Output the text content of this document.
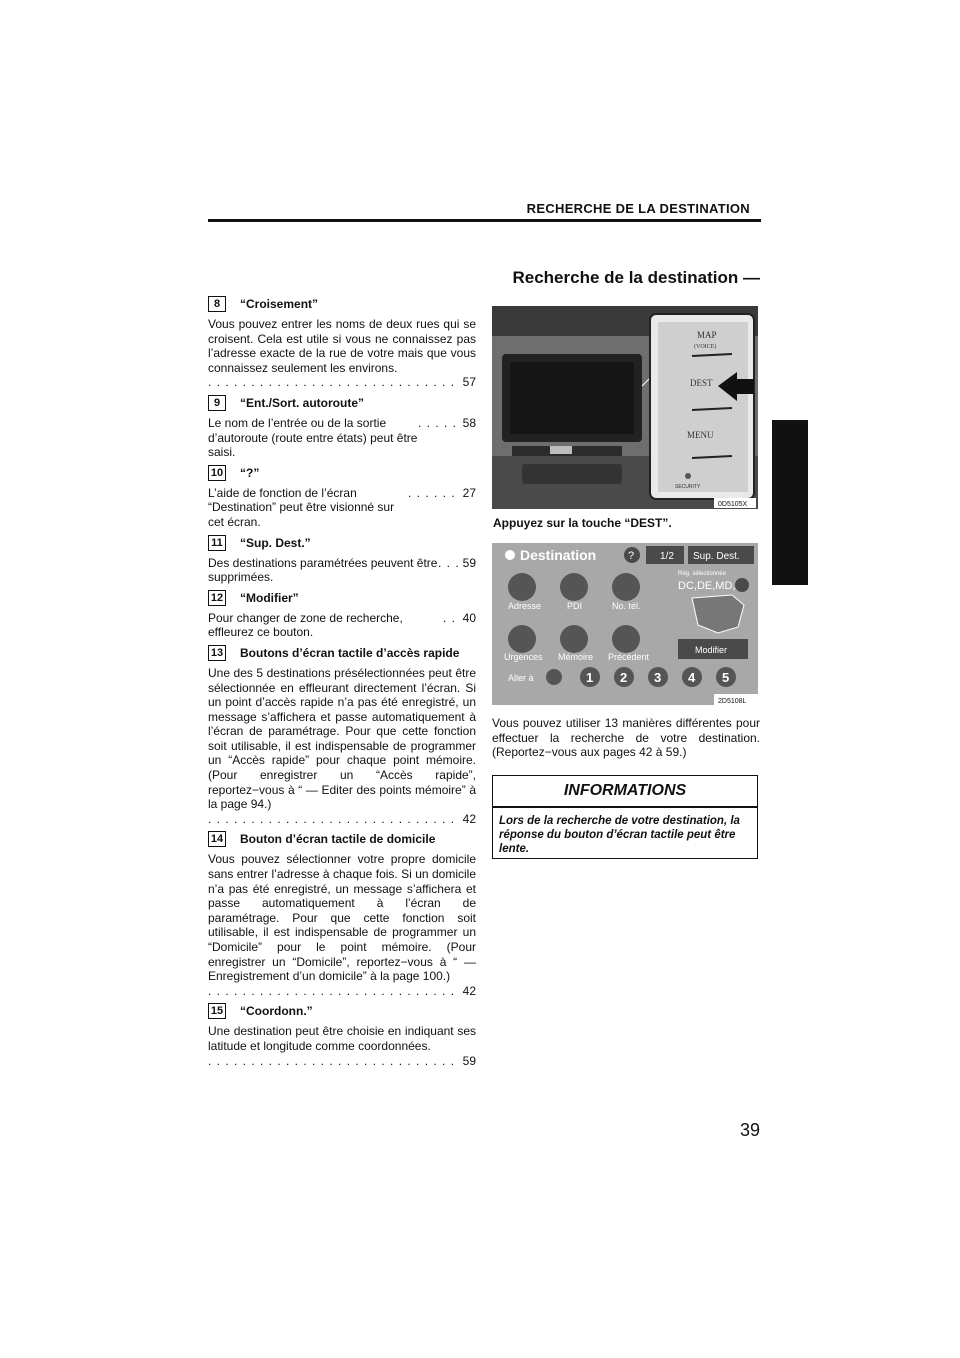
RECHERCHE DE LA DESTINATION
Recherche de la destination —
8	“Croisement”
Vous pouvez entrer les noms de deux rues qui se croisent. Cela est utile si vous ne connaissez pas l’adresse exacte de la rue de votre mais que vous connaissez seulement les environs.
. . .
57
9	“Ent./Sort. autoroute”
Le nom de l’entrée ou de la sortie d’autoroute (route entre états) peut être saisi.
. . .
58
10 “?”
L’aide de fonction de l’écran “Destination” peut être visionné sur cet écran.
. . .
27
11 “Sup. Dest.”
Des destinations paramétrées peuvent être supprimées.
. . .
59
12 “Modifier”
Pour changer de zone de recherche, effleurez ce bouton.
. . .
40
13 Boutons d’écran tactile d’accès rapide
Une des 5 destinations présélectionnées peut être sélectionnée en effleurant directement l’écran. Si un point d’accès rapide n’a pas été enregistré, un message s’affichera et passe automatiquement à l’écran de paramétrage. Pour que cette fonction soit utilisable, il est indispensable de programmer un “Accès rapide” pour chaque point mémoire. (Pour enregistrer un “Accès rapide”, reportez−vous à “ — Editer des points mémoire” à la page 94.)
. . .
42
14 Bouton d’écran tactile de domicile
Vous pouvez sélectionner votre propre domicile sans entrer l’adresse à chaque fois. Si un domicile n’a pas été enregistré, un message s’affichera et passe automatiquement à l’écran de paramétrage. Pour que cette fonction soit utilisable, il est indispensable de programmer un “Domicile” pour le point mémoire. (Pour enregistrer un “Domicile”, reportez−vous à “ — Enregistrement d’un domicile” à la page 100.)
. . .
42
15 “Coordonn.”
Une destination peut être choisie en indiquant ses latitude et longitude comme coordonnées.
. . .
59
MAP
(VOICE)
DEST
MENU
SECURITY
0D5105X
Appuyez sur la touche “DEST”.
Destination	?	1/2 Sup. Dest.
Rég. sélectionnée
DC,DE,MD,
Adresse	PDI	No. tél.
Urgences Mémoire Précédent
Modifier
Aller à	1 2 3 4 5
2D5108L
Vous pouvez utiliser 13 manières différentes pour effectuer la recherche de votre destination. (Reportez−vous aux pages 42 à 59.)
INFORMATIONS
Lors de la recherche de votre destination, la réponse du bouton d’écran tactile peut être lente.
39
